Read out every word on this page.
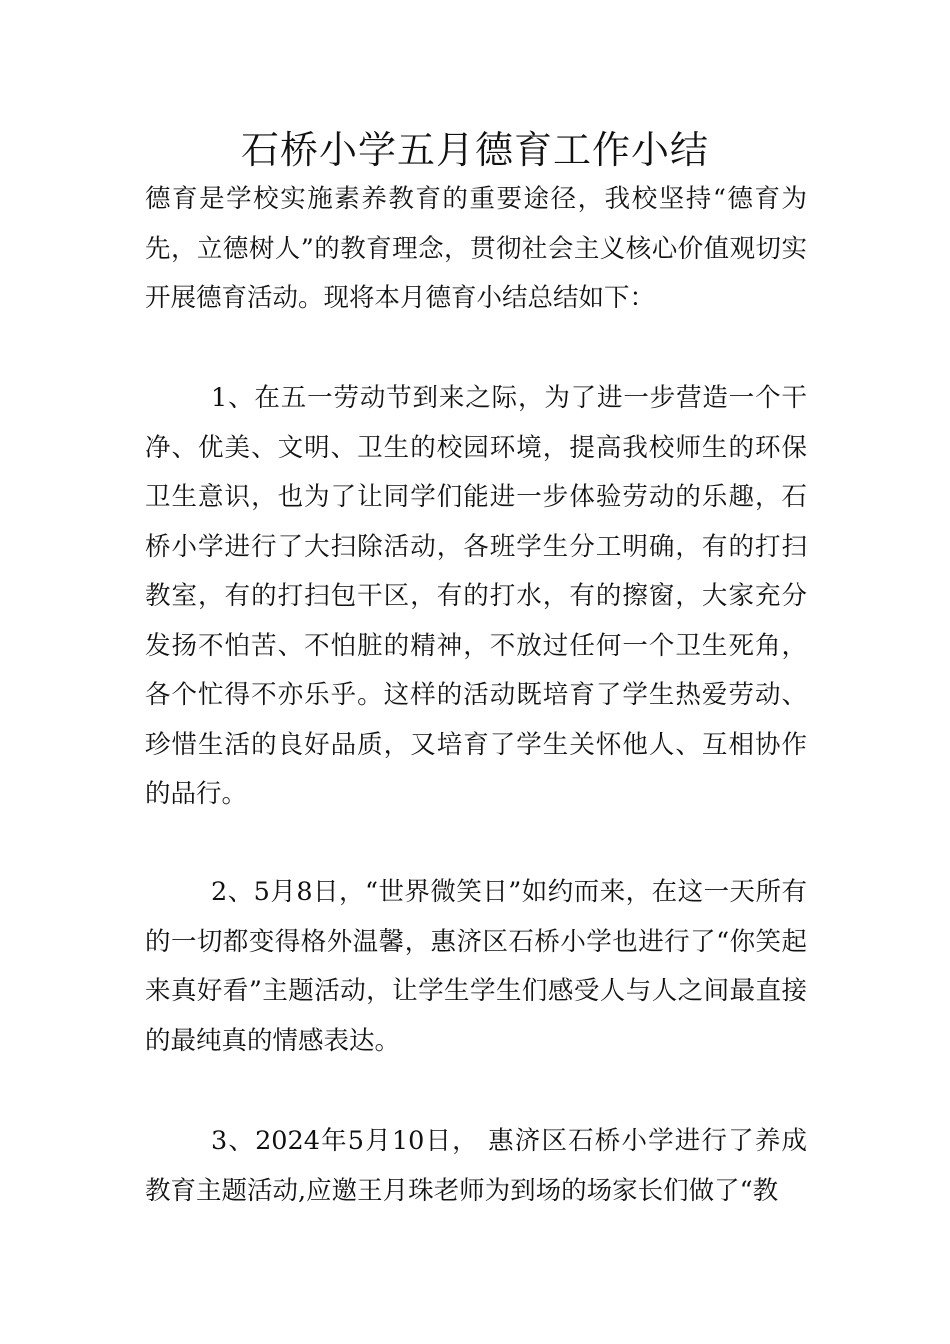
石桥小学五月德育工作小结

德育是学校实施素养教育的重要途径，我校坚持“德育为先，立德树人”的教育理念，贯彻社会主义核心价值观切实开展德育活动。现将本月德育小结总结如下：

1、在五一劳动节到来之际，为了进一步营造一个干净、优美、文明、卫生的校园环境，提高我校师生的环保卫生意识，也为了让同学们能进一步体验劳动的乐趣，石桥小学进行了大扫除活动，各班学生分工明确，有的打扫教室，有的打扫包干区，有的打水，有的擦窗，大家充分发扬不怕苦、不怕脏的精神，不放过任何一个卫生死角，各个忙得不亦乐乎。这样的活动既培育了学生热爱劳动、珍惜生活的良好品质，又培育了学生关怀他人、互相协作的品行。

2、5月8日，“世界微笑日”如约而来，在这一天所有的一切都变得格外温馨，惠济区石桥小学也进行了“你笑起来真好看”主题活动，让学生学生们感受人与人之间最直接的最纯真的情感表达。

3、2024年5月10日， 惠济区石桥小学进行了养成教育主题活动,应邀王月珠老师为到场的场家长们做了“教
